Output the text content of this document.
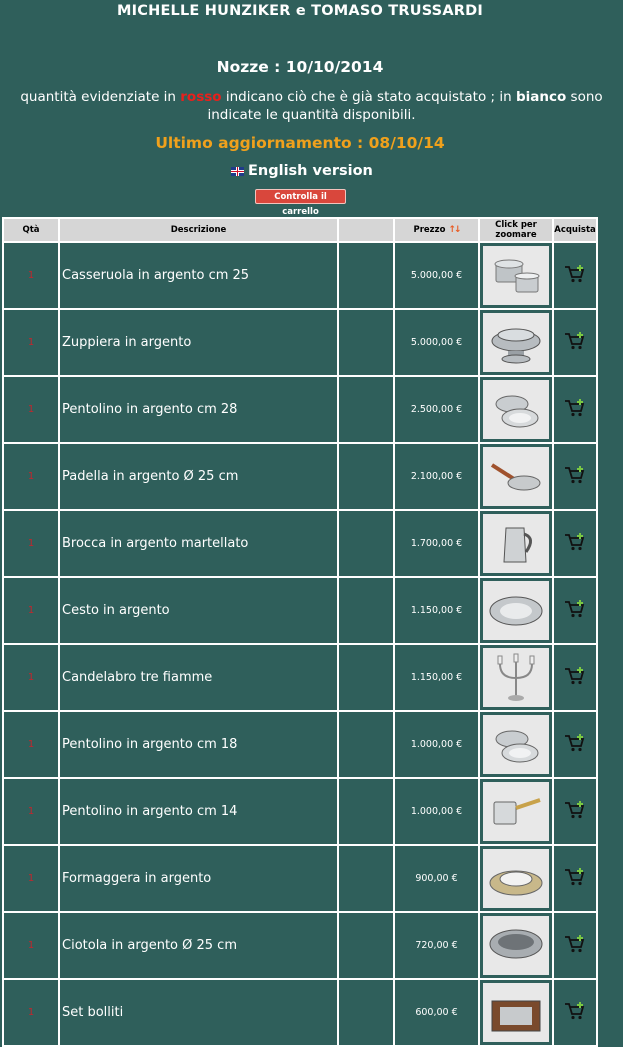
MICHELLE HUNZIKER e TOMASO TRUSSARDI
Nozze : 10/10/2014
quantità evidenziate in rosso indicano ciò che è già stato acquistato ; in bianco sono indicate le quantità disponibili.
Ultimo aggiornamento : 08/10/14
English version
Controlla il carrello
Qtà	Descrizione		Prezzo ↑↓	Click per zoomare	Acquista
1	Casseruola in argento cm 25		5.000,00 €	

1	Zuppiera in argento		5.000,00 €	

1	Pentolino in argento cm 28		2.500,00 €	

1	Padella in argento Ø 25 cm		2.100,00 €	

1	Brocca in argento martellato		1.700,00 €	

1	Cesto in argento		1.150,00 €	

1	Candelabro tre fiamme		1.150,00 €	

1	Pentolino in argento cm 18		1.000,00 €	

1	Pentolino in argento cm 14		1.000,00 €	

1	Formaggera in argento		900,00 €	

1	Ciotola in argento Ø 25 cm		720,00 €	

1	Set bolliti		600,00 €	
